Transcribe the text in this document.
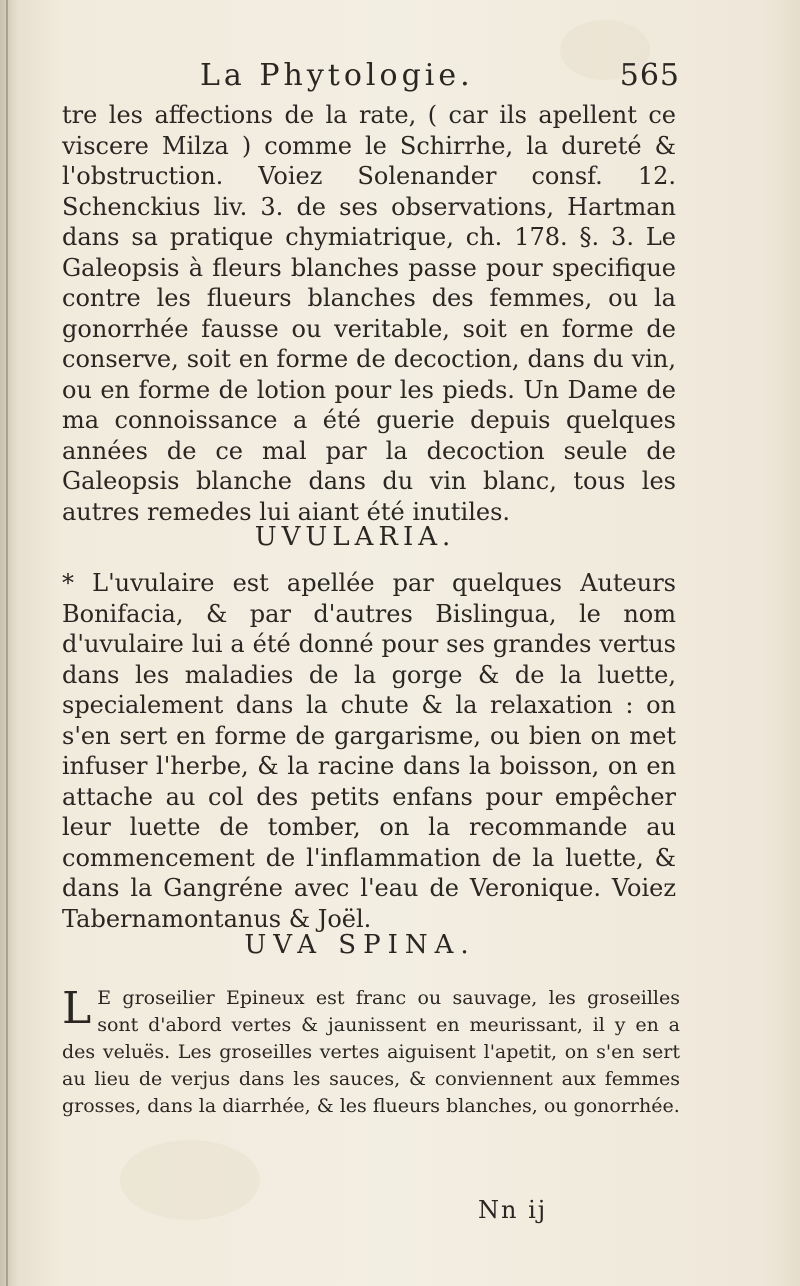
La Phytologie.	565

tre les affections de la rate, ( car ils apellent ce viscere Milza ) comme le Schirrhe, la dureté & l'obstruction. Voiez Solenander consf. 12. Schenckius liv. 3. de ses observations, Hartman dans sa pratique chymiatrique, ch. 178. §. 3. Le Galeopsis à fleurs blanches passe pour specifique contre les flueurs blanches des femmes, ou la gonorrhée fausse ou veritable, soit en forme de conserve, soit en forme de decoction, dans du vin, ou en forme de lotion pour les pieds. Un Dame de ma connoissance a été guerie depuis quelques années de ce mal par la decoction seule de Galeopsis blanche dans du vin blanc, tous les autres remedes lui aiant été inutiles.

UVULARIA.

* L'uvulaire est apellée par quelques Auteurs Bonifacia, & par d'autres Bislingua, le nom d'uvulaire lui a été donné pour ses grandes vertus dans les maladies de la gorge & de la luette, specialement dans la chute & la relaxation : on s'en sert en forme de gargarisme, ou bien on met infuser l'herbe, & la racine dans la boisson, on en attache au col des petits enfans pour empêcher leur luette de tomber, on la recommande au commencement de l'inflammation de la luette, & dans la Gangréne avec l'eau de Veronique. Voiez Tabernamontanus & Joël.

UVA SPINA.
L E groseilier Epineux est franc ou sauvage, les groseilles sont d'abord vertes & jaunissent en meurissant, il y en a des veluës. Les groseilles vertes aiguisent l'apetit, on s'en sert au lieu de verjus dans les sauces, & conviennent aux femmes grosses, dans la diarrhée, & les flueurs blanches, ou gonorrhée.
Nn ij
